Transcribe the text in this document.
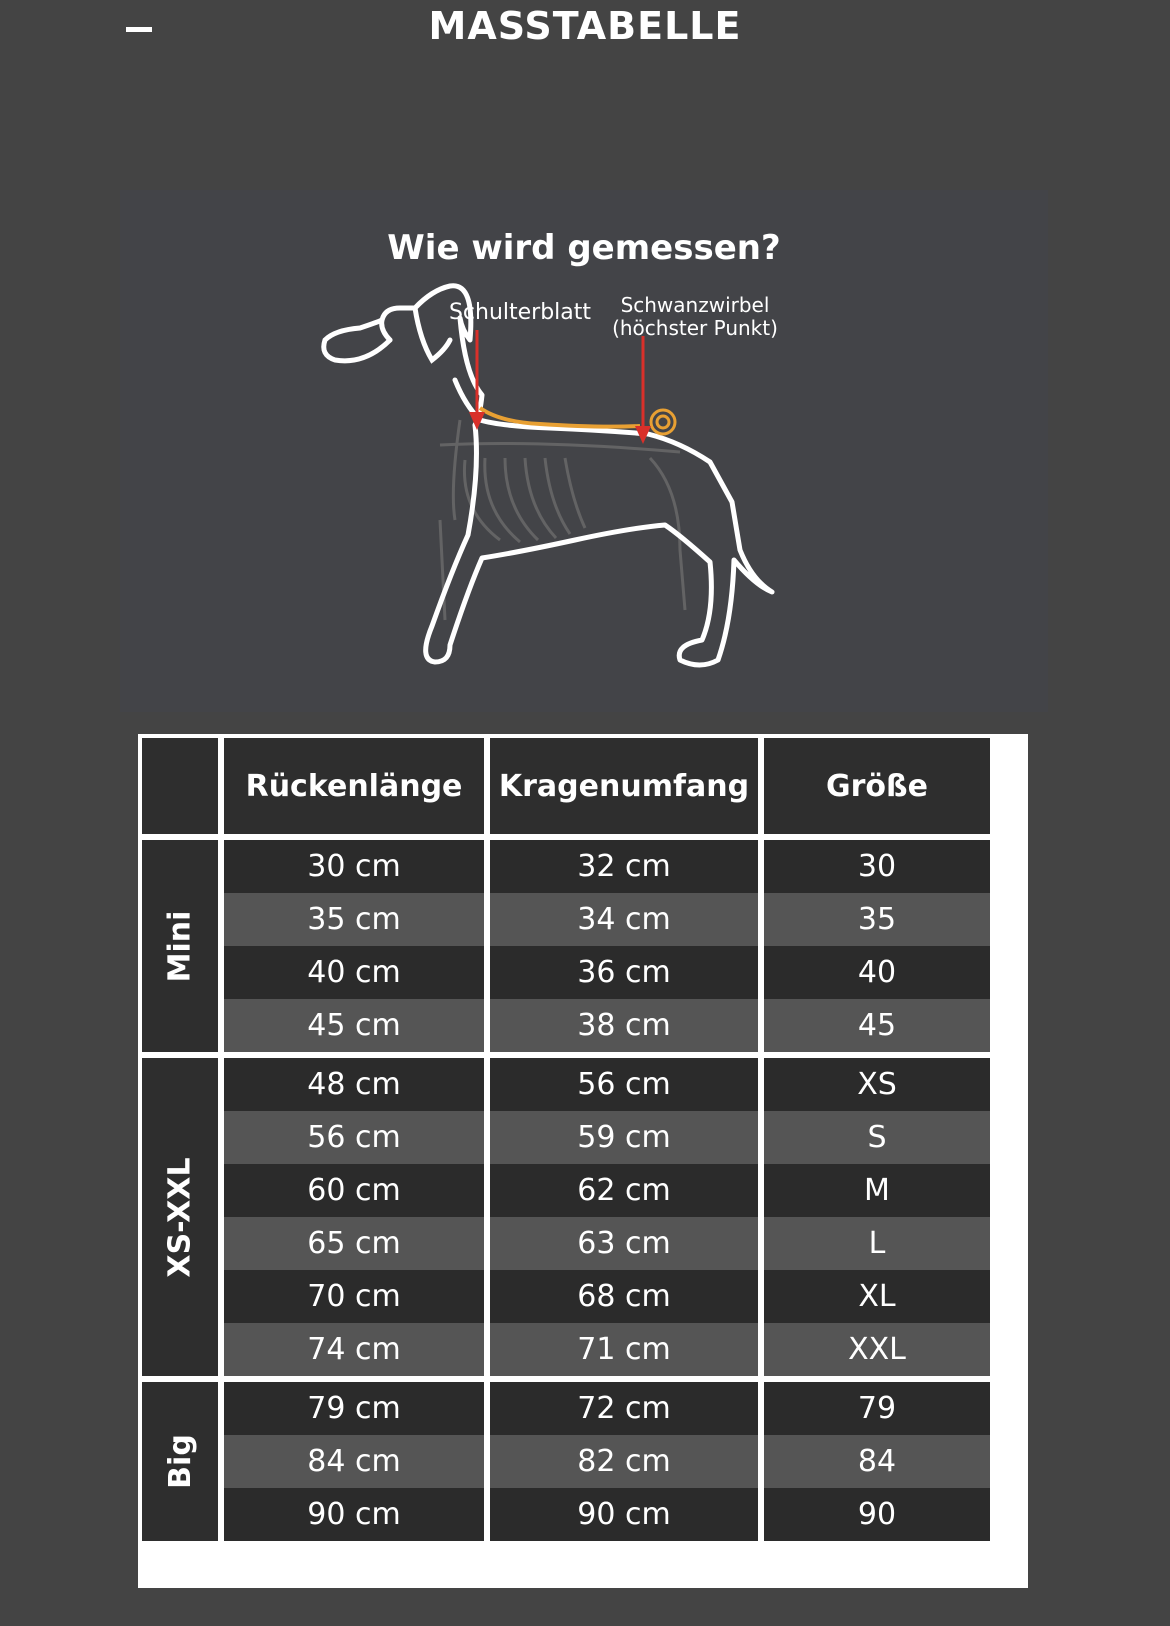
MASSTABELLE
Wie wird gemessen?
Schulterblatt	Schwanzwirbel
(höchster Punkt)
Rückenlänge	Kragenumfang	Größe
Mini
30 cm	32 cm	30
35 cm	34 cm	35
40 cm	36 cm	40
45 cm	38 cm	45
XS-XXL
48 cm	56 cm	XS
56 cm	59 cm	S
60 cm	62 cm	M
65 cm	63 cm	L
70 cm	68 cm	XL
74 cm	71 cm	XXL
Big
79 cm	72 cm	79
84 cm	82 cm	84
90 cm	90 cm	90
